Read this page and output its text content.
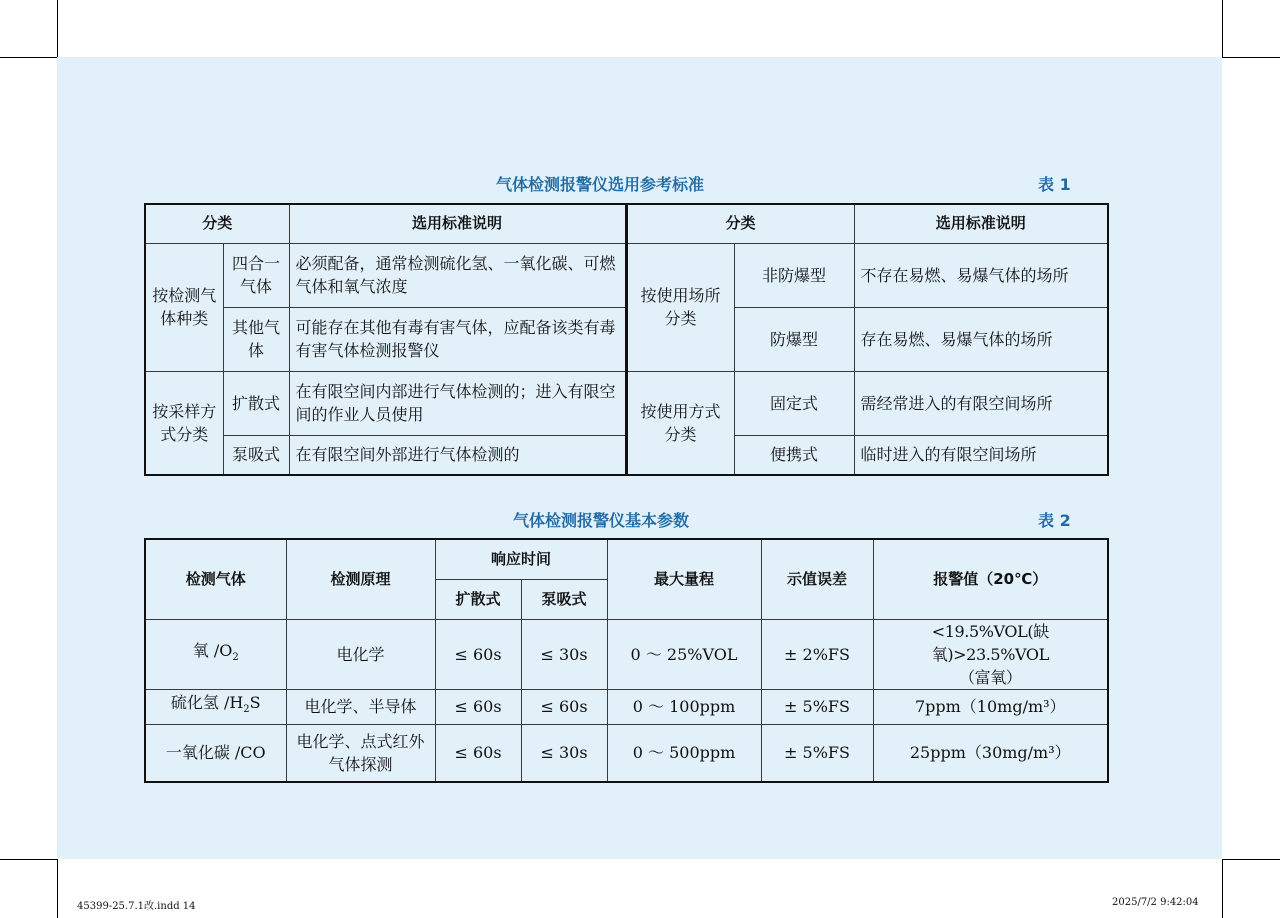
气体检测报警仪选用参考标准	表 1
分类		选用标准说明	分类		选用标准说明
按检测气体种类	四合一气体	必须配备，通常检测硫化氢、一氧化碳、可燃气体和氧气浓度	按使用场所分类	非防爆型	不存在易燃、易爆气体的场所
	其他气体	可能存在其他有毒有害气体，应配备该类有毒有害气体检测报警仪		防爆型	存在易燃、易爆气体的场所
按采样方式分类	扩散式	在有限空间内部进行气体检测的；进入有限空间的作业人员使用	按使用方式分类	固定式	需经常进入的有限空间场所
	泵吸式	在有限空间外部进行气体检测的		便携式	临时进入的有限空间场所
气体检测报警仪基本参数	表 2
检测气体	检测原理	响应时间		最大量程	示值误差	报警值（20℃）
		扩散式	泵吸式			
氧 $/O_2$	电化学	≤ 60s	≤ 30s	0 ～ 25%VOL	± 2%FS	<19.5%VOL(缺氧)>23.5%VOL
（富氧）

硫化氢 $/H_2S$	电化学、半导体	≤ 60s	≤ 60s	0 ～ 100ppm	± 5%FS	7ppm（10mg/m³）

一氧化碳 /CO	电化学、点式红外气体探测	≤ 60s	≤ 30s	0 ～ 500ppm	± 5%FS	25ppm（30mg/m³）
45399-25.7.1改.indd 14	2025/7/2 9:42:04
